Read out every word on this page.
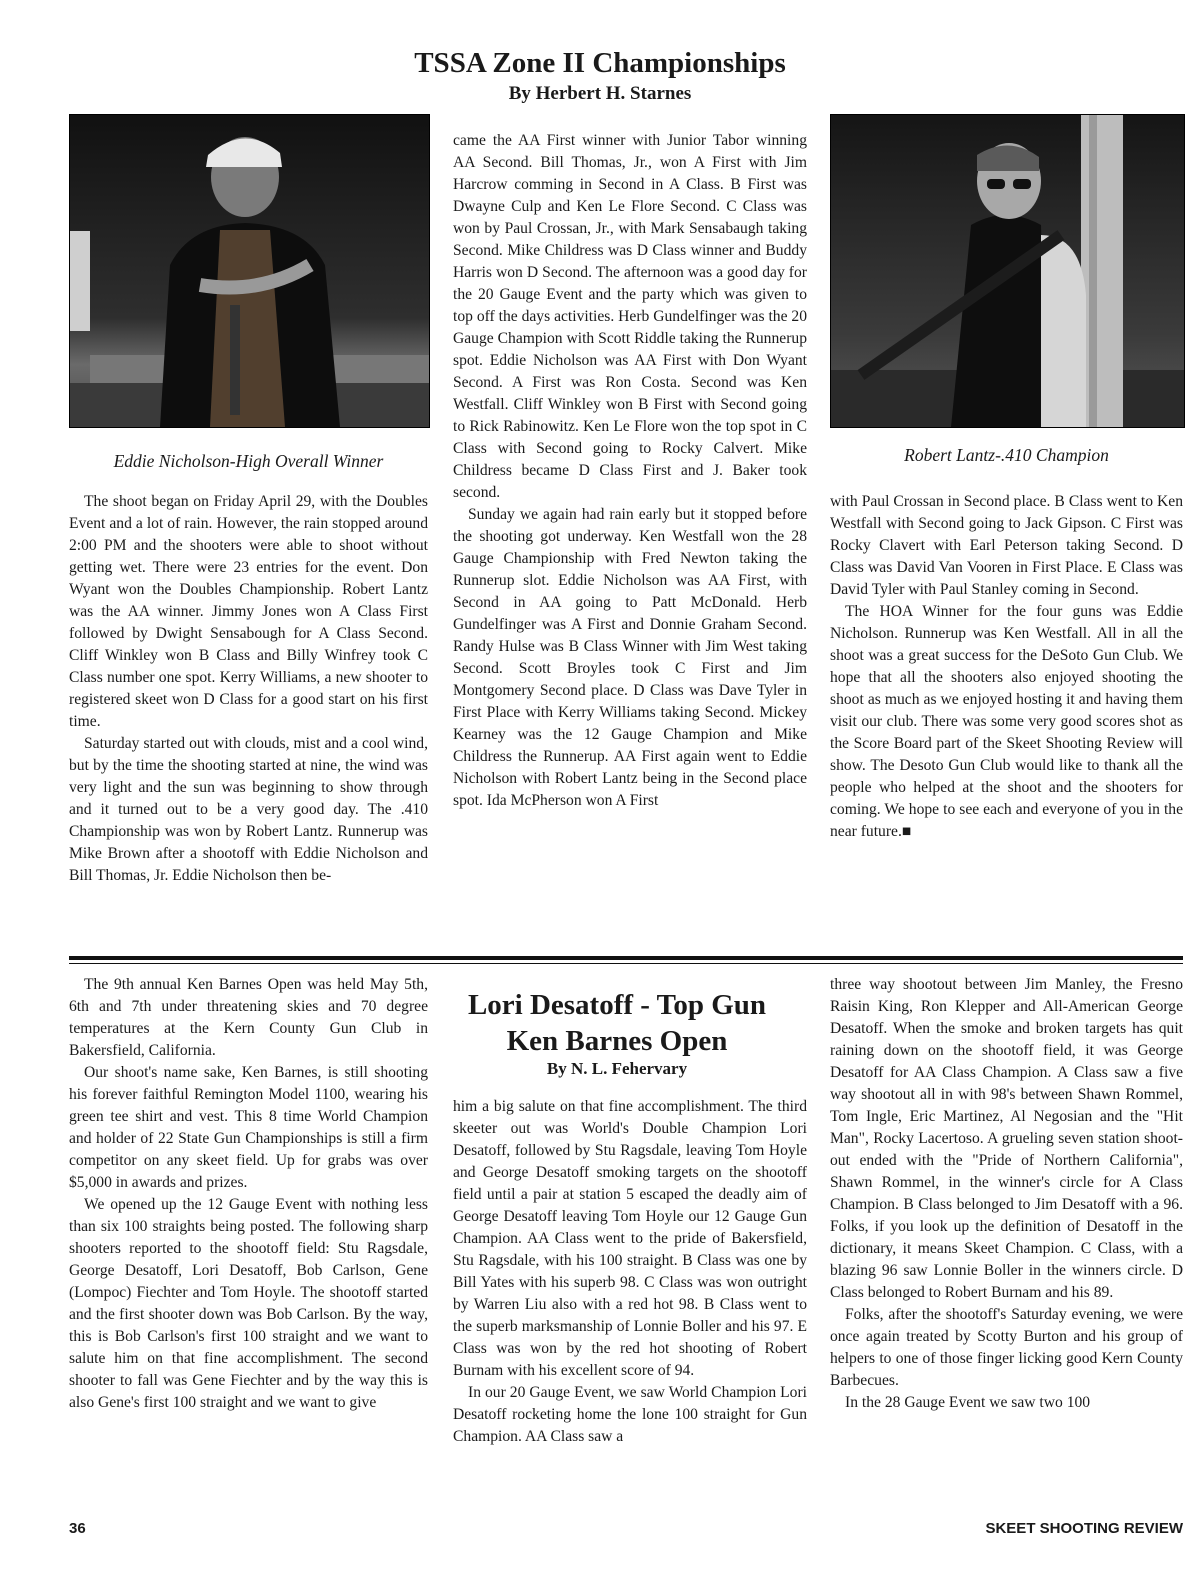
TSSA Zone II Championships
By Herbert H. Starnes
Eddie Nicholson-High Overall Winner	Robert Lantz-.410 Champion

The shoot began on Friday April 29, with the Doubles Event and a lot of rain. However, the rain stopped around 2:00 PM and the shooters were able to shoot without getting wet. There were 23 entries for the event. Don Wyant won the Doubles Championship. Robert Lantz was the AA winner. Jimmy Jones won A Class First followed by Dwight Sensabough for A Class Second. Cliff Winkley won B Class and Billy Winfrey took C Class number one spot. Kerry Williams, a new shooter to registered skeet won D Class for a good start on his first time.

Saturday started out with clouds, mist and a cool wind, but by the time the shooting started at nine, the wind was very light and the sun was beginning to show through and it turned out to be a very good day. The .410 Championship was won by Robert Lantz. Runnerup was Mike Brown after a shootoff with Eddie Nicholson and Bill Thomas, Jr. Eddie Nicholson then be-

came the AA First winner with Junior Tabor winning AA Second. Bill Thomas, Jr., won A First with Jim Harcrow comming in Second in A Class. B First was Dwayne Culp and Ken Le Flore Second. C Class was won by Paul Crossan, Jr., with Mark Sensabaugh taking Second. Mike Childress was D Class winner and Buddy Harris won D Second. The afternoon was a good day for the 20 Gauge Event and the party which was given to top off the days activities. Herb Gundelfinger was the 20 Gauge Champion with Scott Riddle taking the Runnerup spot. Eddie Nicholson was AA First with Don Wyant Second. A First was Ron Costa. Second was Ken Westfall. Cliff Winkley won B First with Second going to Rick Rabinowitz. Ken Le Flore won the top spot in C Class with Second going to Rocky Calvert. Mike Childress became D Class First and J. Baker took second.

Sunday we again had rain early but it stopped before the shooting got underway. Ken Westfall won the 28 Gauge Championship with Fred Newton taking the Runnerup slot. Eddie Nicholson was AA First, with Second in AA going to Patt McDonald. Herb Gundelfinger was A First and Donnie Graham Second. Randy Hulse was B Class Winner with Jim West taking Second. Scott Broyles took C First and Jim Montgomery Second place. D Class was Dave Tyler in First Place with Kerry Williams taking Second. Mickey Kearney was the 12 Gauge Champion and Mike Childress the Runnerup. AA First again went to Eddie Nicholson with Robert Lantz being in the Second place spot. Ida McPherson won A First

with Paul Crossan in Second place. B Class went to Ken Westfall with Second going to Jack Gipson. C First was Rocky Clavert with Earl Peterson taking Second. D Class was David Van Vooren in First Place. E Class was David Tyler with Paul Stanley coming in Second.

The HOA Winner for the four guns was Eddie Nicholson. Runnerup was Ken Westfall. All in all the shoot was a great success for the DeSoto Gun Club. We hope that all the shooters also enjoyed shooting the shoot as much as we enjoyed hosting it and having them visit our club. There was some very good scores shot as the Score Board part of the Skeet Shooting Review will show. The Desoto Gun Club would like to thank all the people who helped at the shoot and the shooters for coming. We hope to see each and everyone of you in the near future.■

Lori Desatoff - Top Gun
Ken Barnes Open
By N. L. Fehervary

The 9th annual Ken Barnes Open was held May 5th, 6th and 7th under threatening skies and 70 degree temperatures at the Kern County Gun Club in Bakersfield, California.

Our shoot's name sake, Ken Barnes, is still shooting his forever faithful Remington Model 1100, wearing his green tee shirt and vest. This 8 time World Champion and holder of 22 State Gun Championships is still a firm competitor on any skeet field. Up for grabs was over $5,000 in awards and prizes.

We opened up the 12 Gauge Event with nothing less than six 100 straights being posted. The following sharp shooters reported to the shootoff field: Stu Ragsdale, George Desatoff, Lori Desatoff, Bob Carlson, Gene (Lompoc) Fiechter and Tom Hoyle. The shootoff started and the first shooter down was Bob Carlson. By the way, this is Bob Carlson's first 100 straight and we want to salute him on that fine accomplishment. The second shooter to fall was Gene Fiechter and by the way this is also Gene's first 100 straight and we want to give

him a big salute on that fine accomplishment. The third skeeter out was World's Double Champion Lori Desatoff, followed by Stu Ragsdale, leaving Tom Hoyle and George Desatoff smoking targets on the shootoff field until a pair at station 5 escaped the deadly aim of George Desatoff leaving Tom Hoyle our 12 Gauge Gun Champion. AA Class went to the pride of Bakersfield, Stu Ragsdale, with his 100 straight. B Class was one by Bill Yates with his superb 98. C Class was won outright by Warren Liu also with a red hot 98. B Class went to the superb marksmanship of Lonnie Boller and his 97. E Class was won by the red hot shooting of Robert Burnam with his excellent score of 94.

In our 20 Gauge Event, we saw World Champion Lori Desatoff rocketing home the lone 100 straight for Gun Champion. AA Class saw a

three way shootout between Jim Manley, the Fresno Raisin King, Ron Klepper and All-American George Desatoff. When the smoke and broken targets has quit raining down on the shootoff field, it was George Desatoff for AA Class Champion. A Class saw a five way shootout all in with 98's between Shawn Rommel, Tom Ingle, Eric Martinez, Al Negosian and the "Hit Man", Rocky Lacertoso. A grueling seven station shoot-out ended with the "Pride of Northern California", Shawn Rommel, in the winner's circle for A Class Champion. B Class belonged to Jim Desatoff with a 96. Folks, if you look up the definition of Desatoff in the dictionary, it means Skeet Champion. C Class, with a blazing 96 saw Lonnie Boller in the winners circle. D Class belonged to Robert Burnam and his 89.

Folks, after the shootoff's Saturday evening, we were once again treated by Scotty Burton and his group of helpers to one of those finger licking good Kern County Barbecues.

In the 28 Gauge Event we saw two 100

36	SKEET SHOOTING REVIEW
